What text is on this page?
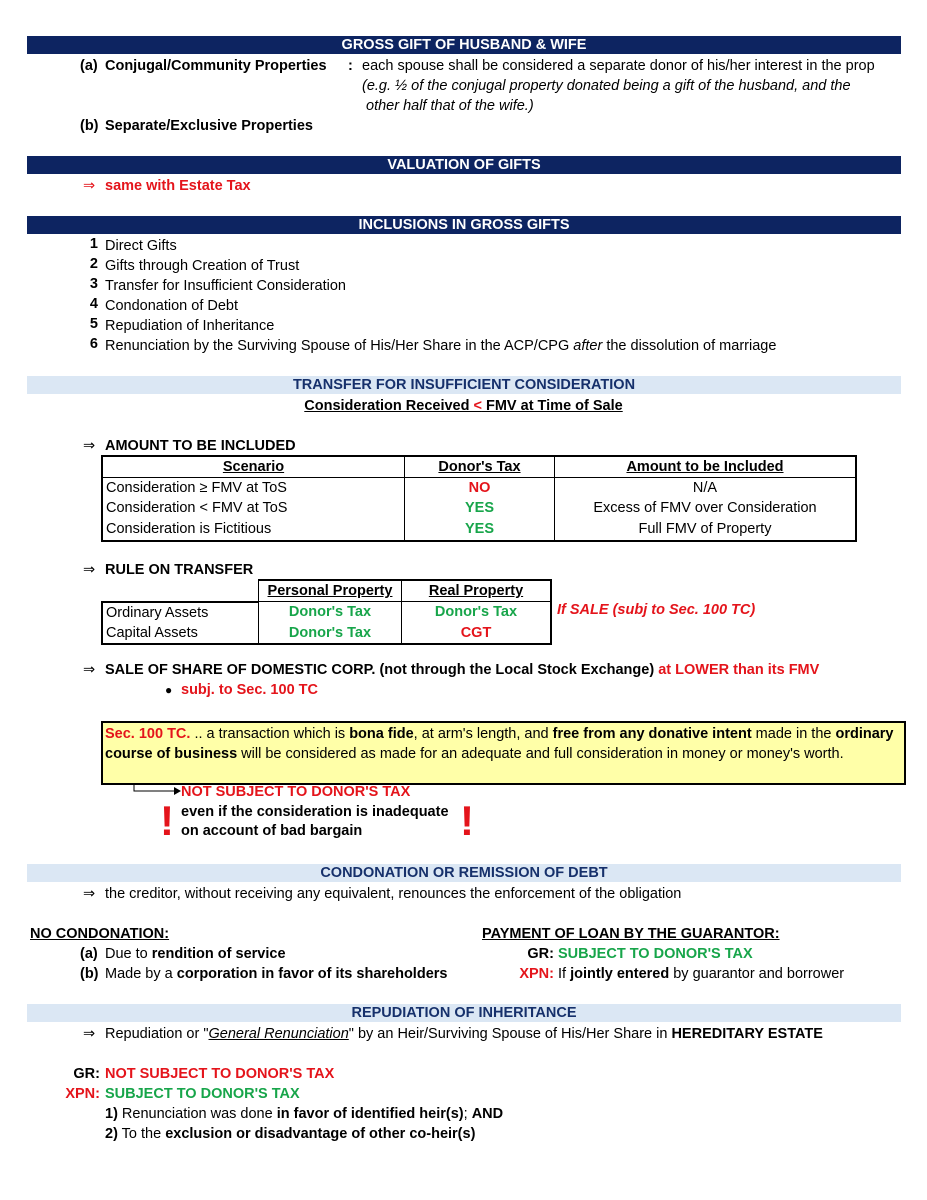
GROSS GIFT OF HUSBAND & WIFE
(a) Conjugal/Community Properties : each spouse shall be considered a separate donor of his/her interest in the prop
(e.g. ½ of the conjugal property donated being a gift of the husband, and the
other half that of the wife.)
(b) Separate/Exclusive Properties
VALUATION OF GIFTS
⇒ same with Estate Tax
INCLUSIONS IN GROSS GIFTS
1 Direct Gifts
2 Gifts through Creation of Trust
3 Transfer for Insufficient Consideration
4 Condonation of Debt
5 Repudiation of Inheritance
6 Renunciation by the Surviving Spouse of His/Her Share in the ACP/CPG after the dissolution of marriage
TRANSFER FOR INSUFFICIENT CONSIDERATION
Consideration Received < FMV at Time of Sale
⇒ AMOUNT TO BE INCLUDED
Scenario	Donor's Tax	Amount to be Included
Consideration ≥ FMV at ToS	NO	N/A
Consideration < FMV at ToS	YES	Excess of FMV over Consideration
Consideration is Fictitious	YES	Full FMV of Property
⇒ RULE ON TRANSFER
	Personal Property	Real Property
Ordinary Assets	Donor's Tax	Donor's Tax
Capital Assets	Donor's Tax	CGT
If SALE (subj to Sec. 100 TC)
⇒ SALE OF SHARE OF DOMESTIC CORP. (not through the Local Stock Exchange) at LOWER than its FMV
● subj. to Sec. 100 TC
Sec. 100 TC. .. a transaction which is bona fide, at arm's length, and free from any donative intent made in the ordinary course of business will be considered as made for an adequate and full consideration in money or money's worth.
NOT SUBJECT TO DONOR'S TAX
even if the consideration is inadequate
on account of bad bargain
!	!
CONDONATION OR REMISSION OF DEBT
⇒ the creditor, without receiving any equivalent, renounces the enforcement of the obligation
NO CONDONATION:
(a) Due to rendition of service
(b) Made by a corporation in favor of its shareholders
PAYMENT OF LOAN BY THE GUARANTOR:
GR: SUBJECT TO DONOR'S TAX
XPN: If jointly entered by guarantor and borrower
REPUDIATION OF INHERITANCE
⇒ Repudiation or "General Renunciation" by an Heir/Surviving Spouse of His/Her Share in HEREDITARY ESTATE
GR: NOT SUBJECT TO DONOR'S TAX
XPN: SUBJECT TO DONOR'S TAX
1) Renunciation was done in favor of identified heir(s); AND
2) To the exclusion or disadvantage of other co-heir(s)
